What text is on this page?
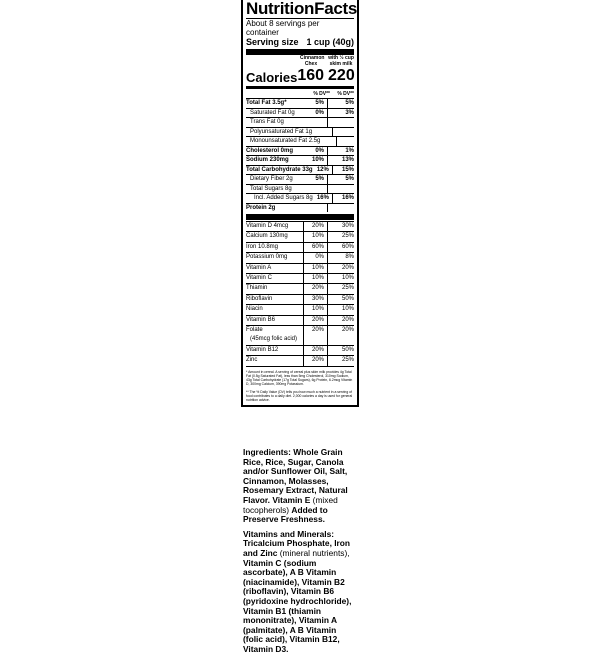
Nutrition Facts
About 8 servings per container
Serving size 1 cup (40g)
Cinnamon Chex
with ½ cup skim milk
Calories 160 220
% DV**	% DV**
Total Fat 3.5g*	5%	5%
Saturated Fat 0g	0%	3%
Trans Fat 0g
Polyunsaturated Fat 1g
Monounsaturated Fat 2.5g
Cholesterol 0mg	0%	1%
Sodium 230mg	10%	13%
Total Carbohydrate 33g 12%	15%
Dietary Fiber 2g	5%	5%
Total Sugars 8g
Incl. Added Sugars 8g 16%	16%
Protein 2g
Vitamin D 4mcg	20%	30%
Calcium 130mg	10%	25%
Iron 10.8mg	60%	60%
Potassium 0mg	0%	8%
Vitamin A	10%	20%
Vitamin C	10%	10%
Thiamin	20%	25%
Riboflavin	30%	50%
Niacin	10%	10%
Vitamin B6	20%	20%
Folate	20%	20%
(45mcg folic acid)
Vitamin B12	20%	50%
Zinc	20%	25%
* Amount in cereal. A serving of cereal plus skim milk provides 4g Total Fat (0.5g Saturated Fat), less than 5mg Cholesterol, 310mg Sodium, 43g Total Carbohydrate (17g Total Sugars), 6g Protein, 6.2mcg Vitamin D, 300mg Calcium, 390mg Potassium.
** The % Daily Value (DV) tells you how much a nutrient in a serving of food contributes to a daily diet. 2,000 calories a day is used for general nutrition advice.

Ingredients: Whole Grain Rice, Rice, Sugar, Canola and/or Sunflower Oil, Salt, Cinnamon, Molasses, Rosemary Extract, Natural Flavor. Vitamin E (mixed tocopherols) Added to Preserve Freshness.

Vitamins and Minerals: Tricalcium Phosphate, Iron and Zinc (mineral nutrients), Vitamin C (sodium ascorbate), A B Vitamin (niacinamide), Vitamin B2 (riboflavin), Vitamin B6 (pyridoxine hydrochloride), Vitamin B1 (thiamin mononitrate), Vitamin A (palmitate), A B Vitamin (folic acid), Vitamin B12, Vitamin D3.
